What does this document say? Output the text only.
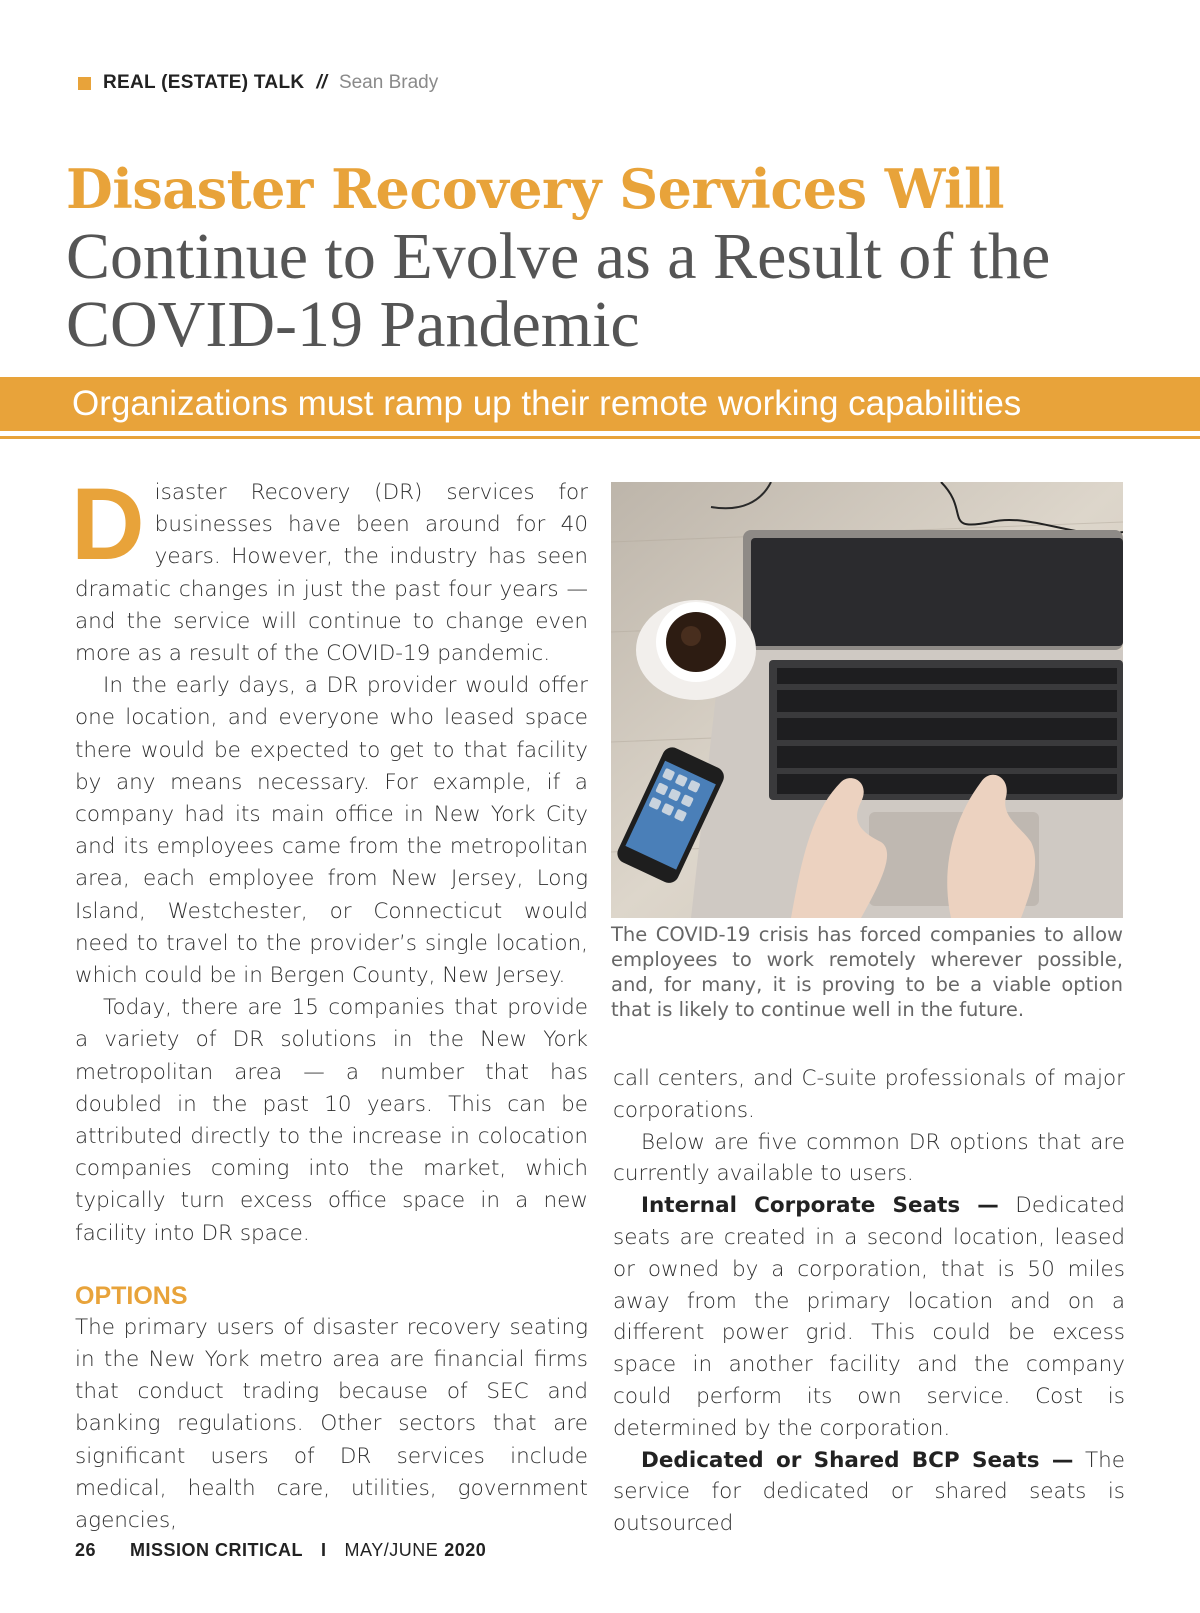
REAL (ESTATE) TALK // Sean Brady
Disaster Recovery Services Will
Continue to Evolve as a Result of the
COVID-19 Pandemic
Organizations must ramp up their remote working capabilities

Disaster Recovery (DR) services for businesses have been around for 40 years. However, the industry has seen dramatic changes in just the past four years — and the service will continue to change even more as a result of the COVID-19 pandemic.

In the early days, a DR provider would offer one location, and everyone who leased space there would be expected to get to that facility by any means necessary. For example, if a company had its main office in New York City and its employees came from the metropolitan area, each employee from New Jersey, Long Island, Westchester, or Connecticut would need to travel to the provider’s single location, which could be in Bergen County, New Jersey.

Today, there are 15 companies that provide a variety of DR solutions in the New York metropolitan area — a number that has doubled in the past 10 years. This can be attributed directly to the increase in colocation companies coming into the market, which typically turn excess office space in a new facility into DR space.

OPTIONS

The primary users of disaster recovery seating in the New York metro area are financial firms that conduct trading because of SEC and banking regulations. Other sectors that are significant users of DR services include medical, health care, utilities, government agencies,

The COVID-19 crisis has forced companies to allow employees to work remotely wherever possible, and, for many, it is proving to be a viable option that is likely to continue well in the future.

call centers, and C-suite professionals of major corporations.

Below are five common DR options that are currently available to users.

Internal Corporate Seats — Dedicated seats are created in a second location, leased or owned by a corporation, that is 50 miles away from the primary location and on a different power grid. This could be excess space in another facility and the company could perform its own service. Cost is determined by the corporation.

Dedicated or Shared BCP Seats — The service for dedicated or shared seats is outsourced

26 MISSION CRITICAL I MAY/JUNE 2020
